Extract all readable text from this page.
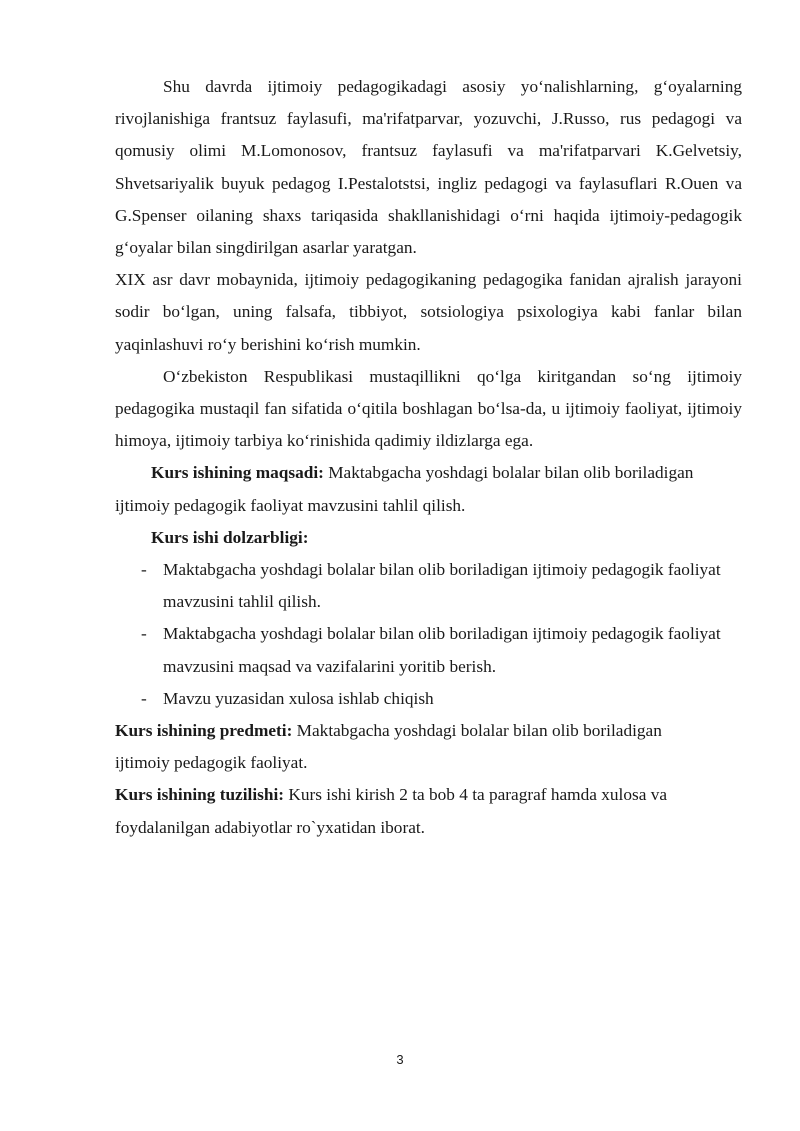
Shu davrda ijtimoiy pedagogikadagi asosiy yo‘nalishlarning, g‘oyalarning rivojlanishiga frantsuz faylasufi, ma'rifatparvar, yozuvchi, J.Russo, rus pedagogi va qomusiy olimi M.Lomonosov, frantsuz faylasufi va ma'rifatparvari K.Gelvetsiy, Shvetsariyalik buyuk pedagog I.Pestalotstsi, ingliz pedagogi va faylasuflari R.Ouen va G.Spenser oilaning shaxs tariqasida shakllanishidagi o‘rni haqida ijtimoiy-pedagogik g‘oyalar bilan singdirilgan asarlar yaratgan.

XIX asr davr mobaynida, ijtimoiy pedagogikaning pedagogika fanidan ajralish jarayoni sodir bo‘lgan, uning falsafa, tibbiyot, sotsiologiya psixologiya kabi fanlar bilan yaqinlashuvi ro‘y berishini ko‘rish mumkin.

O‘zbekiston Respublikasi mustaqillikni qo‘lga kiritgandan so‘ng ijtimoiy pedagogika mustaqil fan sifatida o‘qitila boshlagan bo‘lsa-da, u ijtimoiy faoliyat, ijtimoiy himoya, ijtimoiy tarbiya ko‘rinishida qadimiy ildizlarga ega.

Kurs ishining maqsadi: Maktabgacha yoshdagi bolalar bilan olib boriladigan ijtimoiy pedagogik faoliyat mavzusini tahlil qilish.

Kurs ishi dolzarbligi:

- Maktabgacha yoshdagi bolalar bilan olib boriladigan ijtimoiy pedagogik faoliyat mavzusini tahlil qilish.
- Maktabgacha yoshdagi bolalar bilan olib boriladigan ijtimoiy pedagogik faoliyat mavzusini maqsad va vazifalarini yoritib berish.
- Mavzu yuzasidan xulosa ishlab chiqish

Kurs ishining predmeti: Maktabgacha yoshdagi bolalar bilan olib boriladigan ijtimoiy pedagogik faoliyat.

Kurs ishining tuzilishi: Kurs ishi kirish 2 ta bob 4 ta paragraf hamda xulosa va foydalanilgan adabiyotlar ro`yxatidan iborat.

3
